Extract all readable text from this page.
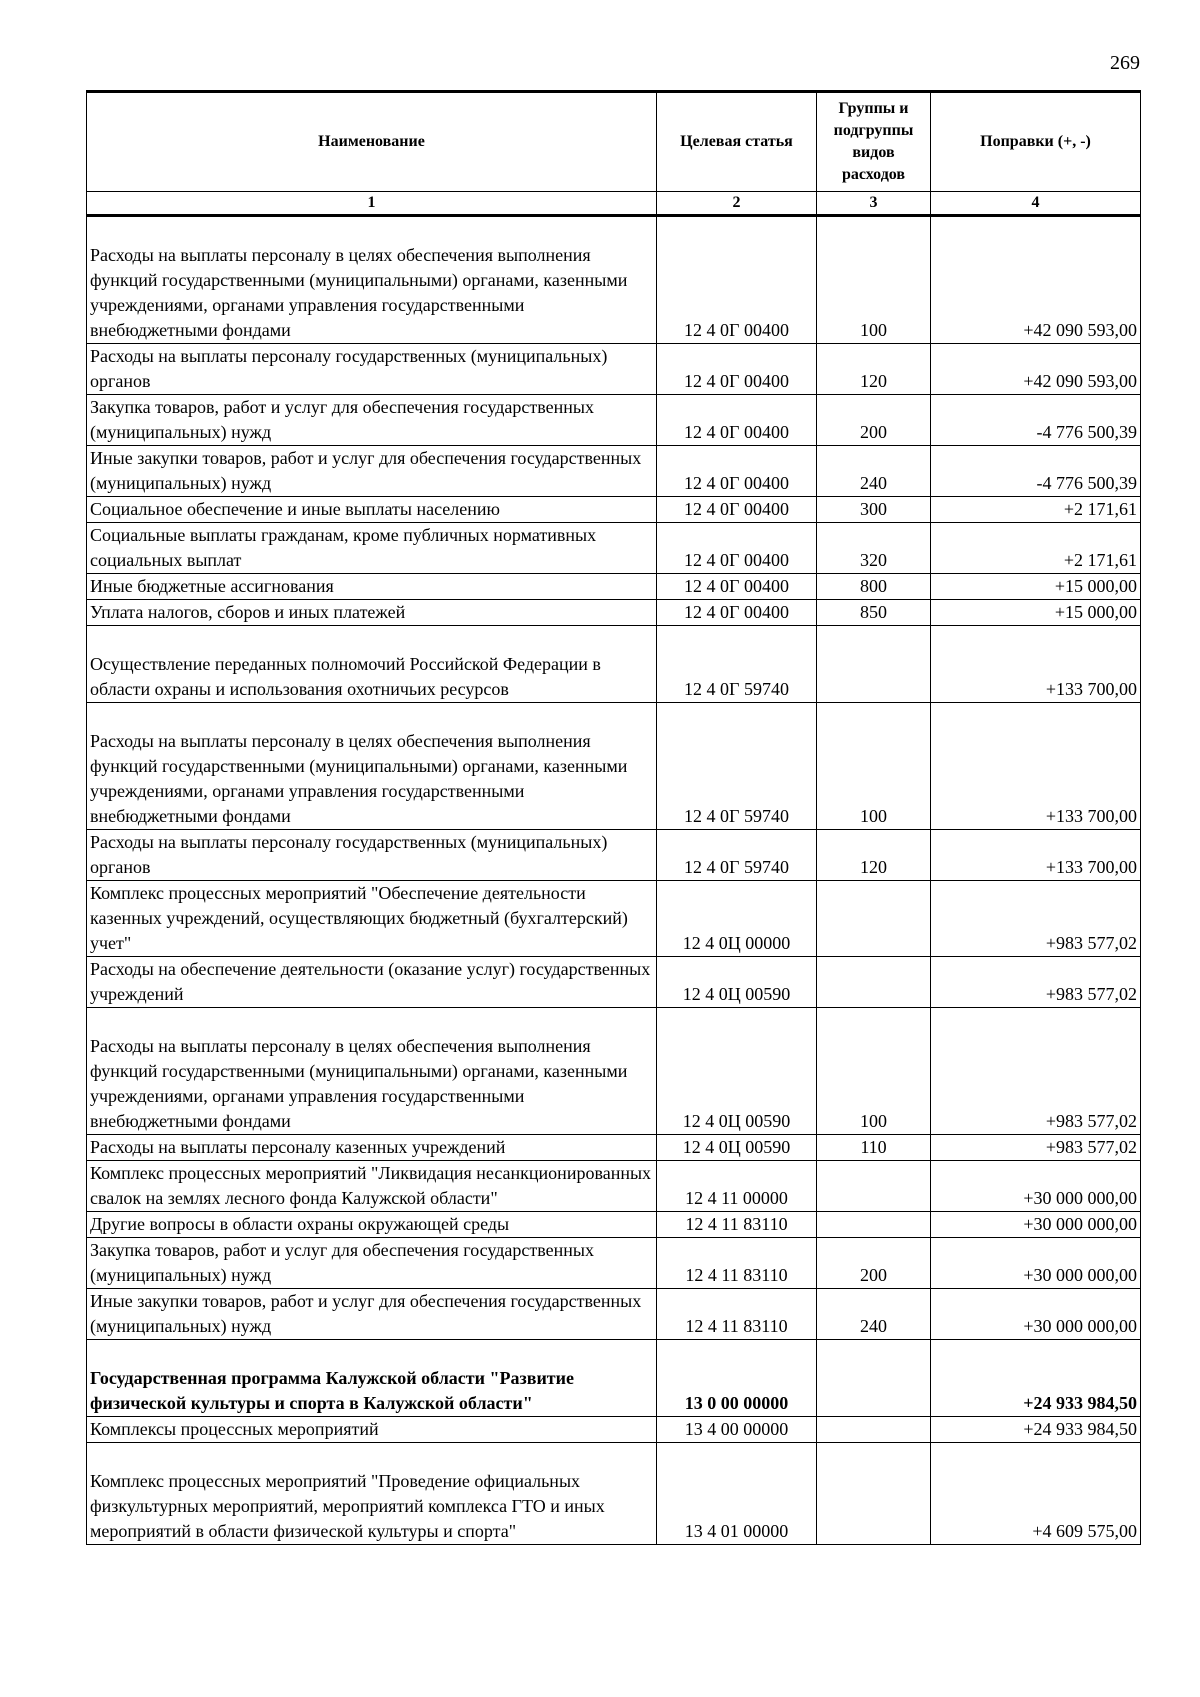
269
Наименование	Целевая статья	Группы и подгруппы видов расходов	Поправки (+, -)
1	2	3	4
Расходы на выплаты персоналу в целях обеспечения выполнения функций государственными (муниципальными) органами, казенными учреждениями, органами управления государственными внебюджетными фондами	12 4 0Г 00400	100	+42 090 593,00
Расходы на выплаты персоналу государственных (муниципальных) органов	12 4 0Г 00400	120	+42 090 593,00
Закупка товаров, работ и услуг для обеспечения государственных (муниципальных) нужд	12 4 0Г 00400	200	-4 776 500,39
Иные закупки товаров, работ и услуг для обеспечения государственных (муниципальных) нужд	12 4 0Г 00400	240	-4 776 500,39
Социальное обеспечение и иные выплаты населению	12 4 0Г 00400	300	+2 171,61
Социальные выплаты гражданам, кроме публичных нормативных социальных выплат	12 4 0Г 00400	320	+2 171,61
Иные бюджетные ассигнования	12 4 0Г 00400	800	+15 000,00
Уплата налогов, сборов и иных платежей	12 4 0Г 00400	850	+15 000,00
Осуществление переданных полномочий Российской Федерации в области охраны и использования охотничьих ресурсов	12 4 0Г 59740		+133 700,00
Расходы на выплаты персоналу в целях обеспечения выполнения функций государственными (муниципальными) органами, казенными учреждениями, органами управления государственными внебюджетными фондами	12 4 0Г 59740	100	+133 700,00
Расходы на выплаты персоналу государственных (муниципальных) органов	12 4 0Г 59740	120	+133 700,00
Комплекс процессных мероприятий "Обеспечение деятельности казенных учреждений, осуществляющих бюджетный (бухгалтерский) учет"	12 4 0Ц 00000		+983 577,02
Расходы на обеспечение деятельности (оказание услуг) государственных учреждений	12 4 0Ц 00590		+983 577,02
Расходы на выплаты персоналу в целях обеспечения выполнения функций государственными (муниципальными) органами, казенными учреждениями, органами управления государственными внебюджетными фондами	12 4 0Ц 00590	100	+983 577,02
Расходы на выплаты персоналу казенных учреждений	12 4 0Ц 00590	110	+983 577,02
Комплекс процессных мероприятий "Ликвидация несанкционированных свалок на землях лесного фонда Калужской области"	12 4 11 00000		+30 000 000,00
Другие вопросы в области охраны окружающей среды	12 4 11 83110		+30 000 000,00
Закупка товаров, работ и услуг для обеспечения государственных (муниципальных) нужд	12 4 11 83110	200	+30 000 000,00
Иные закупки товаров, работ и услуг для обеспечения государственных (муниципальных) нужд	12 4 11 83110	240	+30 000 000,00
Государственная программа Калужской области "Развитие физической культуры и спорта в Калужской области"	13 0 00 00000		+24 933 984,50
Комплексы процессных мероприятий	13 4 00 00000		+24 933 984,50
Комплекс процессных мероприятий "Проведение официальных физкультурных мероприятий, мероприятий комплекса ГТО и иных мероприятий в области физической культуры и спорта"	13 4 01 00000		+4 609 575,00
